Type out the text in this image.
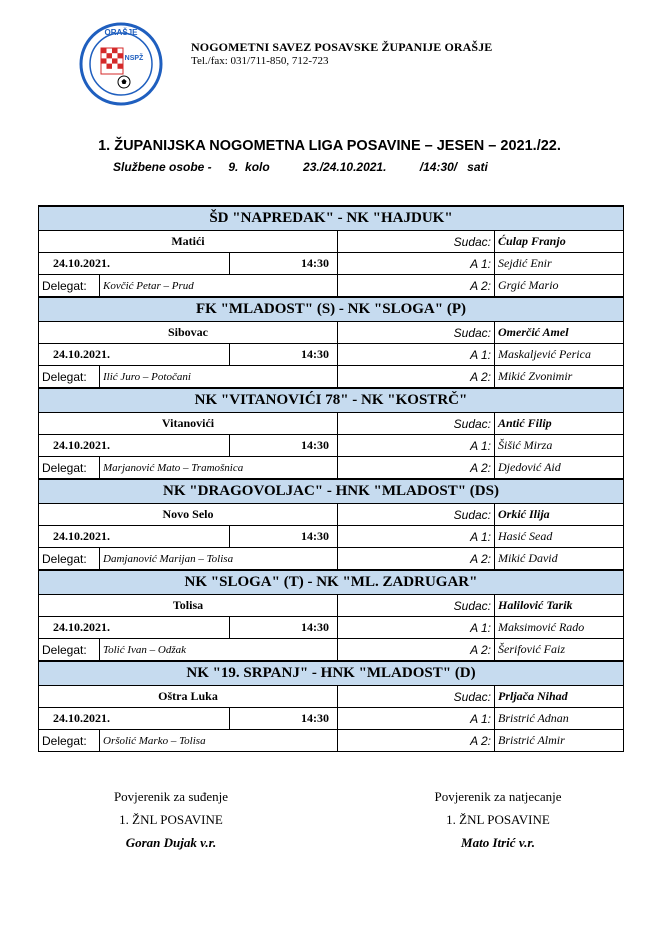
ORAŠJE
NSPŽ
NOGOMETNI SAVEZ POSAVSKE ŽUPANIJE ORAŠJE
Tel./fax: 031/711-850, 712-723
1. ŽUPANIJSKA NOGOMETNA LIGA POSAVINE – JESEN – 2021./22.
Službene osobe -     9.  kolo          23./24.10.2021.          /14:30/   sati
ŠD "NAPREDAK" - NK "HAJDUK"					
Matići			Sudac:	Ćulap Franjo	
24.10.2021.		14:30	A 1:	Sejdić Enir	
Delegat:	Kovčić Petar – Prud		A 2:	Grgić Mario	
FK "MLADOST" (S) - NK "SLOGA" (P)					
Sibovac			Sudac:	Omerčić Amel	
24.10.2021.		14:30	A 1:	Maskaljević Perica	
Delegat:	Ilić Juro – Potočani		A 2:	Mikić Zvonimir	
NK "VITANOVIĆI 78" - NK "KOSTRČ"					
Vitanovići			Sudac:	Antić Filip	
24.10.2021.		14:30	A 1:	Šišić Mirza	
Delegat:	Marjanović Mato – Tramošnica		A 2:	Djedović Aid	
NK "DRAGOVOLJAC" - HNK "MLADOST" (DS)					
Novo Selo			Sudac:	Orkić Ilija	
24.10.2021.		14:30	A 1:	Hasić Sead	
Delegat:	Damjanović Marijan – Tolisa		A 2:	Mikić David	
NK "SLOGA" (T) - NK "ML. ZADRUGAR"					
Tolisa			Sudac:	Halilović Tarik	
24.10.2021.		14:30	A 1:	Maksimović Rado	
Delegat:	Tolić Ivan – Odžak		A 2:	Šerifović Faiz	
NK "19. SRPANJ" - HNK "MLADOST" (D)					
Oštra Luka			Sudac:	Prljača Nihad	
24.10.2021.		14:30	A 1:	Bristrić Adnan	
Delegat:	Oršolić Marko – Tolisa		A 2:	Bristrić Almir	
Povjerenik za suđenje
1. ŽNL POSAVINE
Goran Dujak v.r.
Povjerenik za natjecanje
1. ŽNL POSAVINE
Mato Itrić v.r.
